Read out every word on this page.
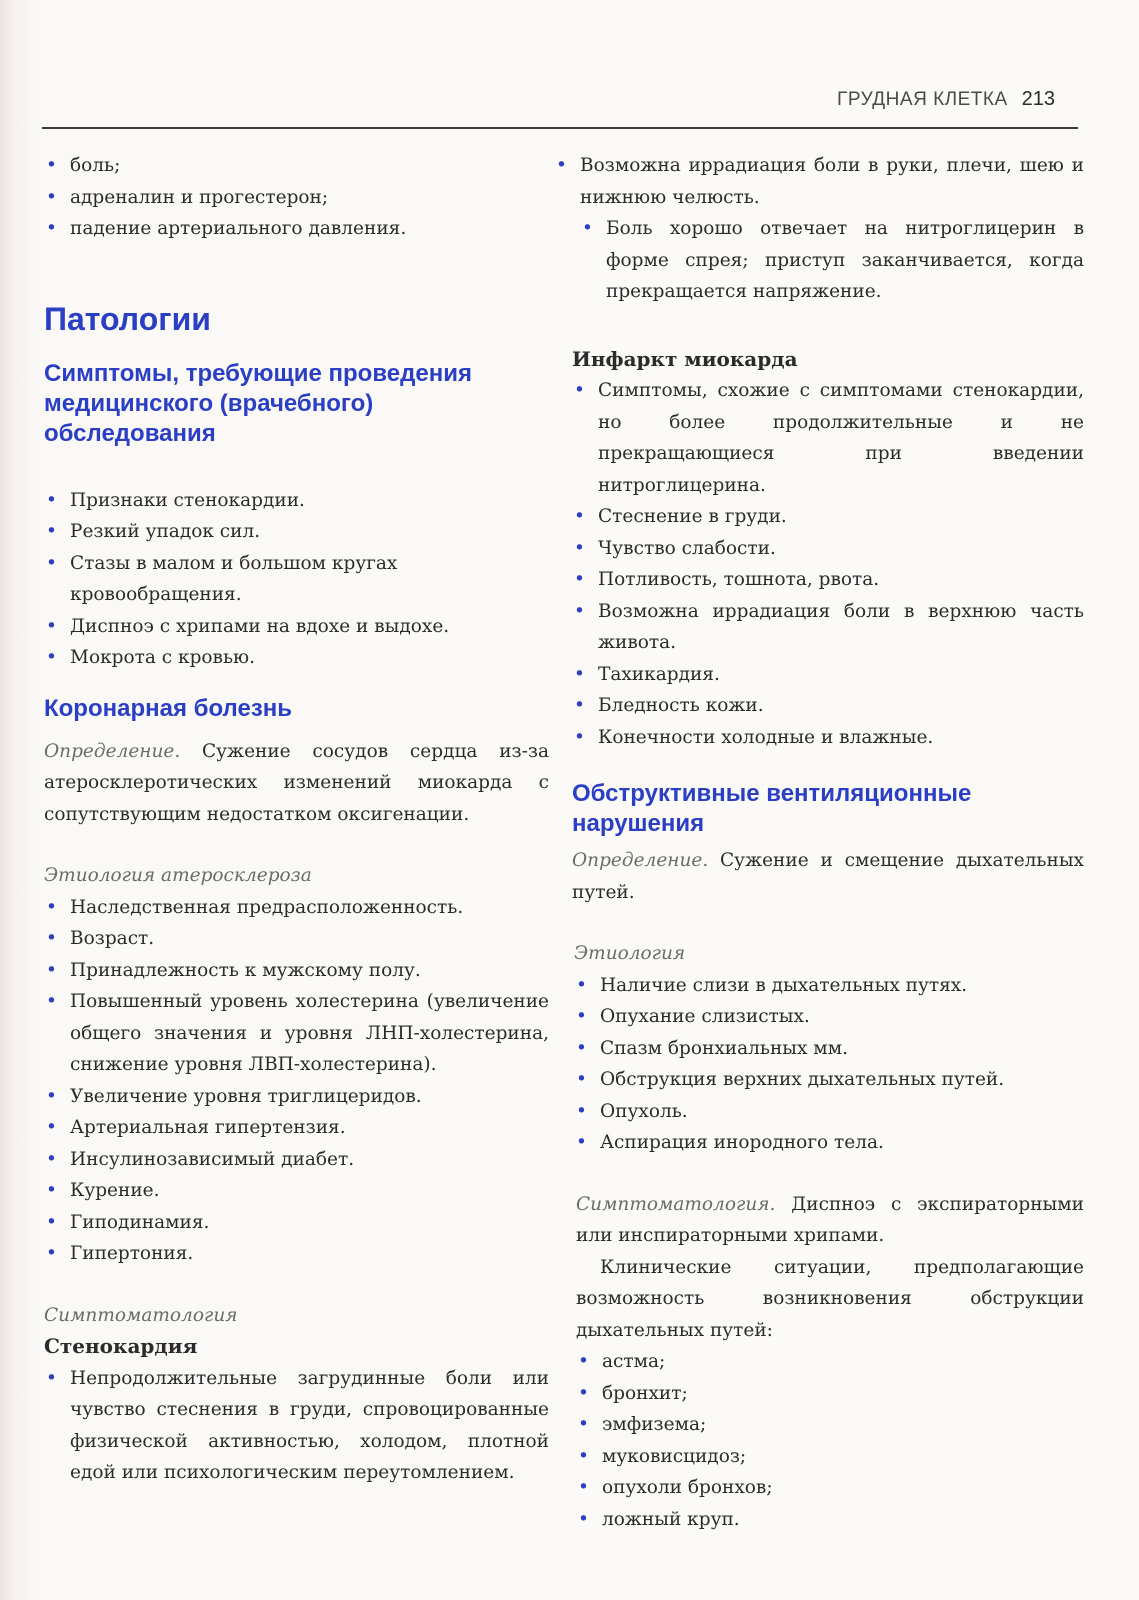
ГРУДНАЯ КЛЕТКА 213
• боль;
• адреналин и прогестерон;
• падение артериального давления.
Патологии
Симптомы, требующие проведения медицинского (врачебного) обследования
• Признаки стенокардии.
• Резкий упадок сил.
• Стазы в малом и большом кругах кровообращения.
• Диспноэ с хрипами на вдохе и выдохе.
• Мокрота с кровью.
Коронарная болезнь

Определение. Сужение сосудов сердца из-за атеросклеротических изменений миокарда с сопутствующим недостатком оксигенации.

Этиология атеросклероза
• Наследственная предрасположенность.
• Возраст.
• Принадлежность к мужскому полу.
• Повышенный уровень холестерина (увеличение общего значения и уровня ЛНП-холестерина, снижение уровня ЛВП-холестерина).
• Увеличение уровня триглицеридов.
• Артериальная гипертензия.
• Инсулинозависимый диабет.
• Курение.
• Гиподинамия.
• Гипертония.
Симптоматология
Стенокардия
• Непродолжительные загрудинные боли или чувство стеснения в груди, спровоцированные физической активностью, холодом, плотной едой или психологическим переутомлением.
• Возможна иррадиация боли в руки, плечи, шею и нижнюю челюсть.
• Боль хорошо отвечает на нитроглицерин в форме спрея; приступ заканчивается, когда прекращается напряжение.
Инфаркт миокарда
• Симптомы, схожие с симптомами стенокардии, но более продолжительные и не прекращающиеся при введении нитроглицерина.
• Стеснение в груди.
• Чувство слабости.
• Потливость, тошнота, рвота.
• Возможна иррадиация боли в верхнюю часть живота.
• Тахикардия.
• Бледность кожи.
• Конечности холодные и влажные.
Обструктивные вентиляционные нарушения

Определение. Сужение и смещение дыхательных путей.

Этиология
• Наличие слизи в дыхательных путях.
• Опухание слизистых.
• Спазм бронхиальных мм.
• Обструкция верхних дыхательных путей.
• Опухоль.
• Аспирация инородного тела.

Симптоматология. Диспноэ с экспираторными или инспираторными хрипами.

Клинические ситуации, предполагающие возможность возникновения обструкции дыхательных путей:

• астма;
• бронхит;
• эмфизема;
• муковисцидоз;
• опухоли бронхов;
• ложный круп.
